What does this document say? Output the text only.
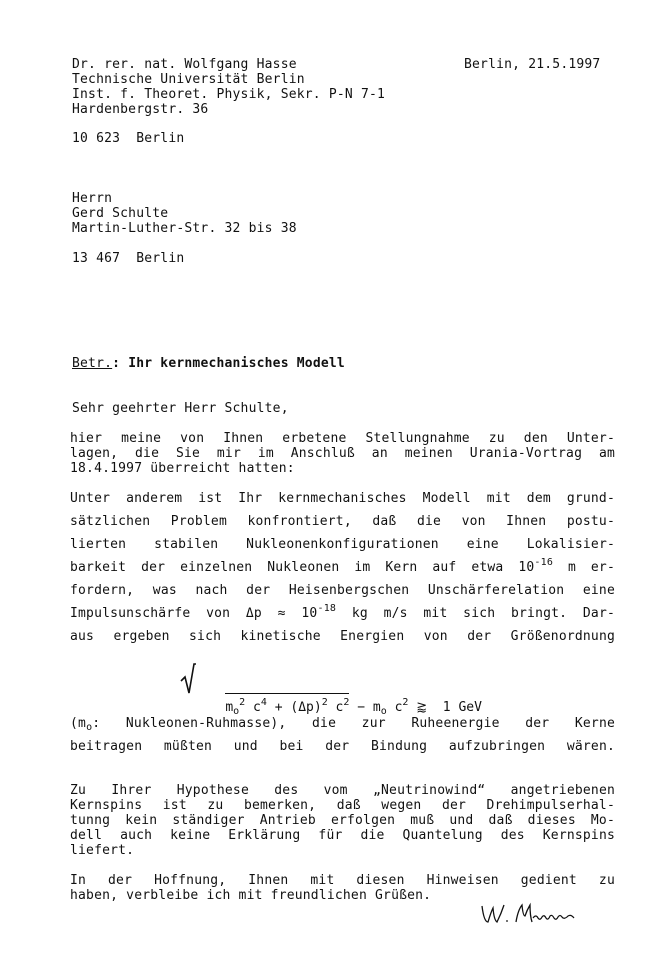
Dr. rer. nat. Wolfgang Hasse	Berlin, 21.5.1997
Technische Universität Berlin
Inst. f. Theoret. Physik, Sekr. P-N 7-1
Hardenbergstr. 36
10 623  Berlin
Herrn
Gerd Schulte
Martin-Luther-Str. 32 bis 38
13 467  Berlin
Betr.: Ihr kernmechanisches Modell
Sehr geehrter Herr Schulte,
hier meine von Ihnen erbetene Stellungnahme zu den Unter-
lagen, die Sie mir im Anschluß an meinen Urania-Vortrag am
18.4.1997 überreicht hatten:
Unter anderem ist Ihr kernmechanisches Modell mit dem grund-
sätzlichen Problem konfrontiert, daß die von Ihnen postu-
lierten stabilen Nukleonenkonfigurationen eine Lokalisier-
barkeit der einzelnen Nukleonen im Kern auf etwa $10^{-16}$ m er-
fordern, was nach der Heisenbergschen Unschärferelation eine
Impulsunschärfe von $\Delta p \approx 10^{-18}$ kg m/s mit sich bringt. Dar-
aus ergeben sich kinetische Energien von der Größenordnung

$m_o^2$ $c^4 + (\Delta p)^2$ $c^2 - m_o$ $c^2$ ⪆  1 GeV

($m_o$: Nukleonen-Ruhmasse), die zur Ruheenergie der Kerne
beitragen müßten und bei der Bindung aufzubringen wären.
Zu Ihrer Hypothese des vom „Neutrinowind“ angetriebenen
Kernspins ist zu bemerken, daß wegen der Drehimpulserhal-
tunng kein ständiger Antrieb erfolgen muß und daß dieses Mo-
dell auch keine Erklärung für die Quantelung des Kernspins
liefert.
In der Hoffnung, Ihnen mit diesen Hinweisen gedient zu
haben, verbleibe ich mit freundlichen Grüßen.
